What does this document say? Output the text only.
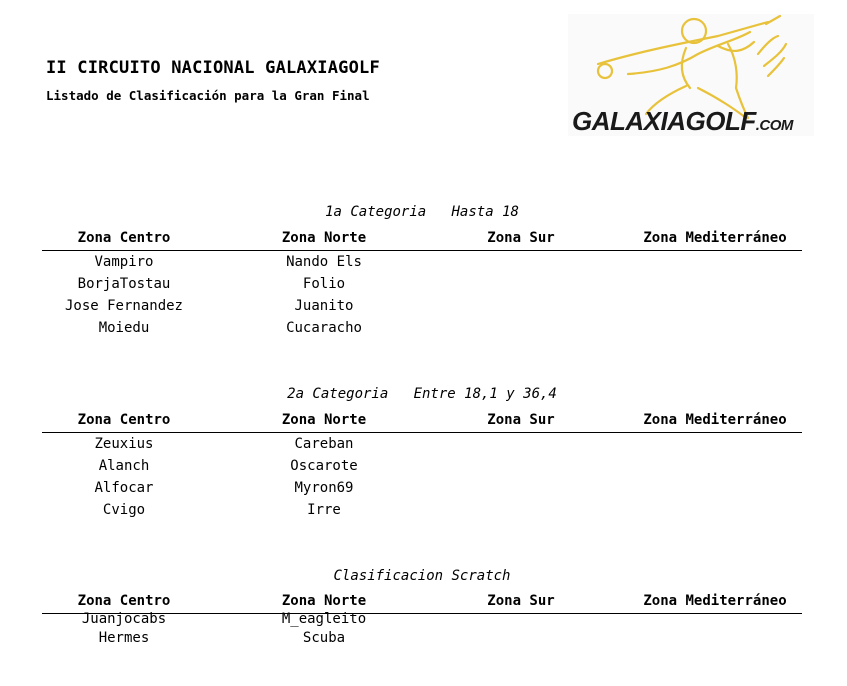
II CIRCUITO NACIONAL GALAXIAGOLF
Listado de Clasificación para la Gran Final
GALAXIAGOLF.COM
1a Categoria   Hasta 18
Zona Centro	Zona Norte	Zona Sur	Zona Mediterráneo
Vampiro	Nando Els
BorjaTostau	Folio
Jose Fernandez	Juanito
Moiedu	Cucaracho
2a Categoria   Entre 18,1 y 36,4
Zona Centro	Zona Norte	Zona Sur	Zona Mediterráneo
Zeuxius	Careban
Alanch	Oscarote
Alfocar	Myron69
Cvigo	Irre
Clasificacion Scratch
Zona Centro	Zona Norte	Zona Sur	Zona Mediterráneo
Juanjocabs	M_eagleito
Hermes	Scuba
